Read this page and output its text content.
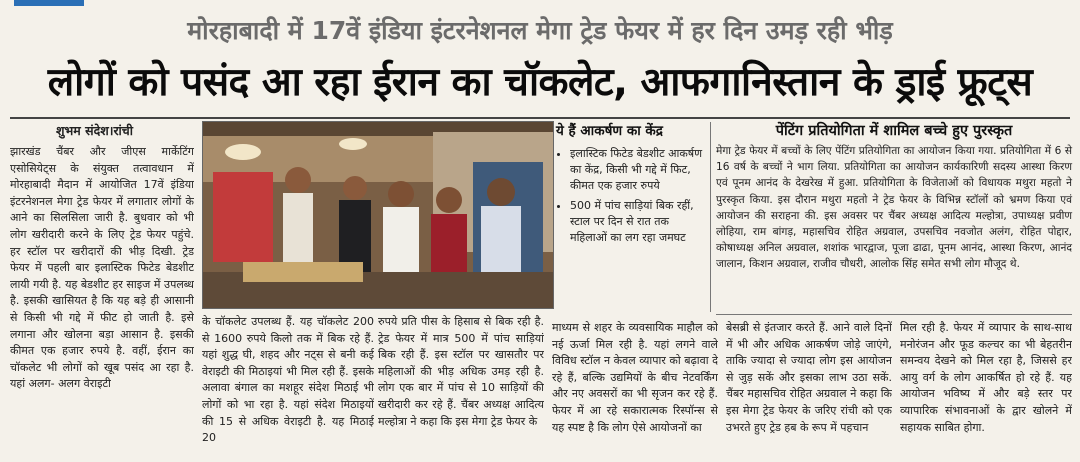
मोरहाबादी में 17वें इंडिया इंटरनेशनल मेगा ट्रेड फेयर में हर दिन उमड़ रही भीड़
लोगों को पसंद आ रहा ईरान का चॉकलेट, आफगानिस्तान के ड्राई फ्रूट्स
शुभम संदेश।रांची
झारखंड चैंबर और जीएस मार्केटिंग एसोसियेट्स के संयुक्त तत्वावधान में मोरहाबादी मैदान में आयोजित 17वें इंडिया इंटरनेशनल मेगा ट्रेड फेयर में लगातार लोगों के आने का सिलसिला जारी है. बुधवार को भी लोग खरीदारी करने के लिए ट्रेड फेयर पहुंचे. हर स्टॉल पर खरीदारों की भीड़ दिखी. ट्रेड फेयर में पहली बार इलास्टिक फिटेड बेडशीट लायी गयी है. यह बेडशीट हर साइज में उपलब्ध है. इसकी खासियत है कि यह बड़े ही आसानी से किसी भी गद्दे में फीट हो जाती है. इसे लगाना और खोलना बड़ा आसान है. इसकी कीमत एक हजार रुपये है. वहीं, ईरान का चॉकलेट भी लोगों को खूब पसंद आ रहा है. यहां अलग- अलग वेराइटी
ये हैं आकर्षण का केंद्र
• इलास्टिक फिटेड बेडशीट आकर्षण का केंद्र, किसी भी गद्दे में फिट, कीमत एक हजार रुपये
• 500 में पांच साड़ियां बिक रहीं, स्टाल पर दिन से रात तक महिलाओं का लग रहा जमघट
पेंटिंग प्रतियोगिता में शामिल बच्चे हुए पुरस्कृत

मेगा ट्रेड फेयर में बच्चों के लिए पेंटिंग प्रतियोगिता का आयोजन किया गया. प्रतियोगिता में 6 से 16 वर्ष के बच्चों ने भाग लिया. प्रतियोगिता का आयोजन कार्यकारिणी सदस्य आस्था किरण एवं पूनम आनंद के देखरेख में हुआ. प्रतियोगिता के विजेताओं को विधायक मथुरा महतो ने पुरस्कृत किया. इस दौरान मथुरा महतो ने ट्रेड फेयर के विभिन्न स्टॉलों को भ्रमण किया एवं आयोजन की सराहना की. इस अवसर पर चैंबर अध्यक्ष आदित्य मल्होत्रा, उपाध्यक्ष प्रवीण लोहिया, राम बांगड़, महासचिव रोहित अग्रवाल, उपसचिव नवजोत अलंग, रोहित पोद्दार, कोषाध्यक्ष अनिल अग्रवाल, शशांक भारद्वाज, पूजा ढाढा, पूनम आनंद, आस्था किरण, आनंद जालान, किशन अग्रवाल, राजीव चौधरी, आलोक सिंह समेत सभी लोग मौजूद थे.

के चॉकलेट उपलब्ध हैं. यह चॉकलेट 200 से 1600 रुपये किलो तक में बिक रहे हैं. यहां शुद्ध घी, शहद और नट्स से बनी कई वेराइटी की मिठाइयां भी मिल रही हैं. इसके अलावा बंगाल का मशहूर संदेश मिठाई भी लोगों को भा रहा है. यहां संदेश मिठाइयों की 15 से अधिक वेराइटी है. यह मिठाई 20
रुपये प्रति पीस के हिसाब से बिक रही है. ट्रेड फेयर में मात्र 500 में पांच साड़ियां बिक रही हैं. इस स्टॉल पर खासतौर पर महिलाओं की भीड़ अधिक उमड़ रही है. लोग एक बार में पांच से 10 साड़ियों की खरीदारी कर रहे हैं. चैंबर अध्यक्ष आदित्य मल्होत्रा ने कहा कि इस मेगा ट्रेड फेयर के
माध्यम से शहर के व्यवसायिक माहौल को नई ऊर्जा मिल रही है. यहां लगने वाले विविध स्टॉल न केवल व्यापार को बढ़ावा दे रहे हैं, बल्कि उद्यमियों के बीच नेटवर्किंग और नए अवसरों का भी सृजन कर रहे हैं. फेयर में आ रहे सकारात्मक रिस्पॉन्स से यह स्पष्ट है कि लोग ऐसे आयोजनों का
बेसब्री से इंतजार करते हैं. आने वाले दिनों में भी और अधिक आकर्षण जोड़े जाएंगे, ताकि ज्यादा से ज्यादा लोग इस आयोजन से जुड़ सकें और इसका लाभ उठा सकें. चैंबर महासचिव रोहित अग्रवाल ने कहा कि इस मेगा ट्रेड फेयर के जरिए रांची को एक उभरते हुए ट्रेड हब के रूप में पहचान
मिल रही है. फेयर में व्यापार के साथ-साथ मनोरंजन और फूड कल्चर का भी बेहतरीन समन्वय देखने को मिल रहा है, जिससे हर आयु वर्ग के लोग आकर्षित हो रहे हैं. यह आयोजन भविष्य में और बड़े स्तर पर व्यापारिक संभावनाओं के द्वार खोलने में सहायक साबित होगा.
